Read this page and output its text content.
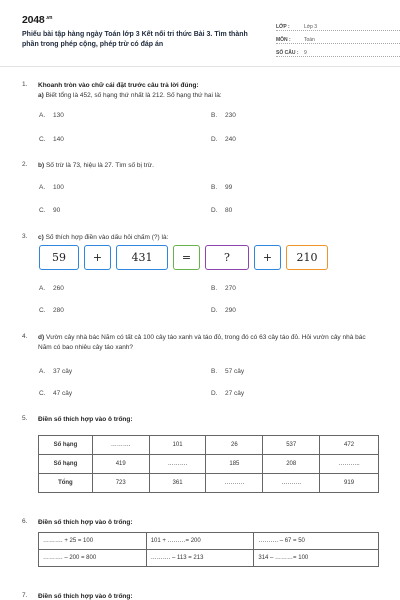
$2048^{.vn}$
Phiếu bài tập hàng ngày Toán lớp 3 Kết nối tri thức Bài 3. Tìm thành phần trong phép cộng, phép trừ có đáp án
LỚP :	Lớp 3
MÔN :	Toán
SỐ CÂU :	9
1. Khoanh tròn vào chữ cái đặt trước câu trả lời đúng:
a) Biết tổng là 452, số hạng thứ nhất là 212. Số hạng thứ hai là:
A. 130	B. 230
C. 140	D. 240
2. b) Số trừ là 73, hiệu là 27. Tìm số bị trừ.
A. 100	B. 99
C. 90	D. 80
3. c) Số thích hợp điền vào dấu hỏi chấm (?) là:
59	+	431	=	?	+	210
A. 260	B. 270
C. 280	D. 290
4. d) Vườn cây nhà bác Năm có tất cả 100 cây táo xanh và táo đỏ, trong đó có 63 cây táo đỏ. Hỏi vườn cây nhà bác Năm có bao nhiêu cây táo xanh?
A. 37 cây	B. 57 cây
C. 47 cây	D. 27 cây
5. Điền số thích hợp vào ô trống:
Số hạng	……….	101	26	537	472
Số hạng	419	……….	185	208	………..
Tổng	723	361	……….	……….	919
6. Điền số thích hợp vào ô trống:
………. + 25 = 100	101 + ………= 200	………. – 67 = 50
………. – 200 = 800	………. – 113 = 213	314 – ………= 100
7. Điền số thích hợp vào ô trống:
